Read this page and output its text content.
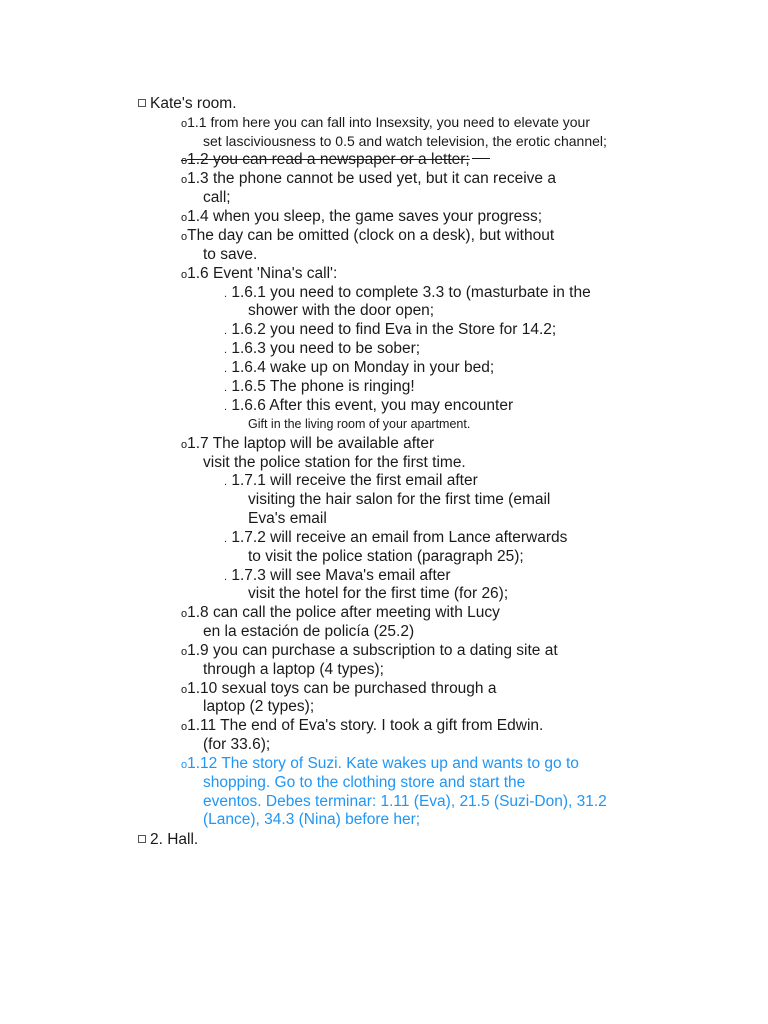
Kate's room.
o1.1 from here you can fall into Insexsity, you need to elevate your
set lasciviousness to 0.5 and watch television, the erotic channel;
o1.2 you can read a newspaper or a letter;
o1.3 the phone cannot be used yet, but it can receive a
call;
o1.4 when you sleep, the game saves your progress;
oThe day can be omitted (clock on a desk), but without
to save.
o1.6 Event 'Nina's call':
. 1.6.1 you need to complete 3.3 to (masturbate in the
shower with the door open;
. 1.6.2 you need to find Eva in the Store for 14.2;
. 1.6.3 you need to be sober;
. 1.6.4 wake up on Monday in your bed;
. 1.6.5 The phone is ringing!
. 1.6.6 After this event, you may encounter
Gift in the living room of your apartment.
o1.7 The laptop will be available after
visit the police station for the first time.
. 1.7.1 will receive the first email after
visiting the hair salon for the first time (email
Eva's email
. 1.7.2 will receive an email from Lance afterwards
to visit the police station (paragraph 25);
. 1.7.3 will see Mava's email after
visit the hotel for the first time (for 26);
o1.8 can call the police after meeting with Lucy
en la estación de policía (25.2)
o1.9 you can purchase a subscription to a dating site at
through a laptop (4 types);
o1.10 sexual toys can be purchased through a
laptop (2 types);
o1.11 The end of Eva's story. I took a gift from Edwin.
(for 33.6);
o1.12 The story of Suzi. Kate wakes up and wants to go to
shopping. Go to the clothing store and start the
eventos. Debes terminar: 1.11 (Eva), 21.5 (Suzi-Don), 31.2
(Lance), 34.3 (Nina) before her;
2. Hall.
